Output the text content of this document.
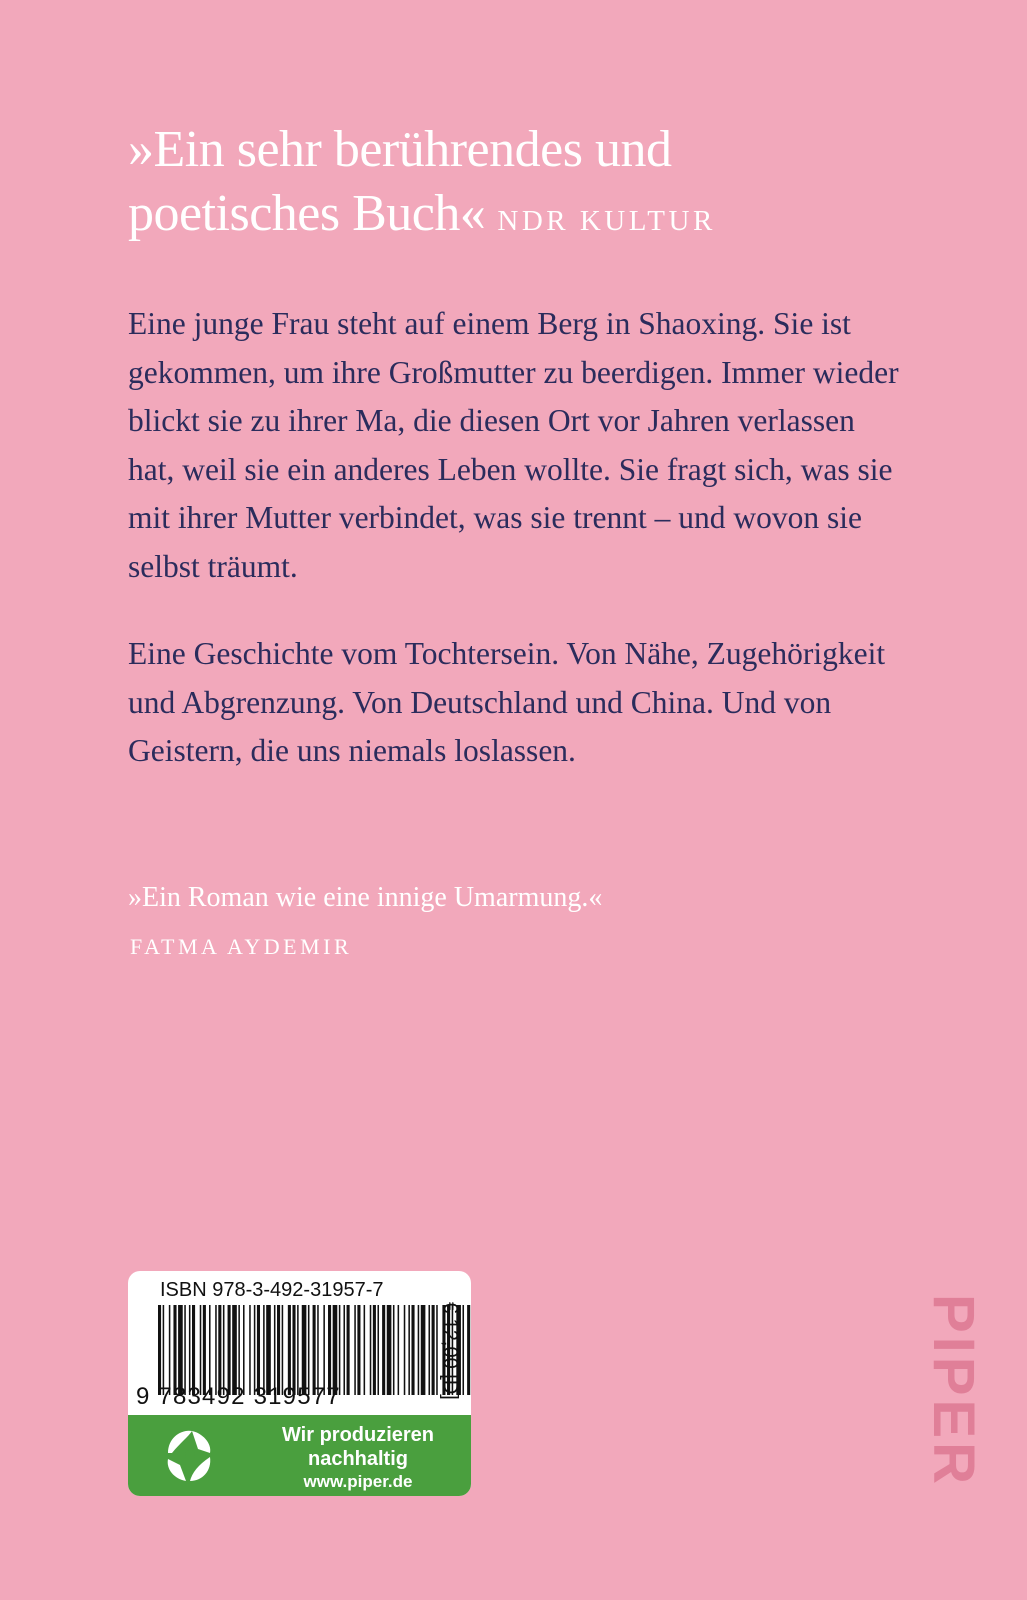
»Ein sehr berührendes und
poetisches Buch« NDR KULTUR

Eine junge Frau steht auf einem Berg in Shaoxing. Sie ist gekommen, um ihre Großmutter zu beerdigen. Immer wieder blickt sie zu ihrer Ma, die diesen Ort vor Jahren verlassen hat, weil sie ein anderes Leben wollte. Sie fragt sich, was sie mit ihrer Mutter verbindet, was sie trennt – und wovon sie selbst träumt.

Eine Geschichte vom Tochtersein. Von Nähe, Zugehörigkeit und Abgrenzung. Von Deutschland und China. Und von Geistern, die uns niemals loslassen.

»Ein Roman wie eine innige Umarmung.«
FATMA AYDEMIR
ISBN 978-3-492-31957-7
9 783492 319577
Wir produzieren
nachhaltig
www.piper.de
€ 12,00 [D]	PIPER
